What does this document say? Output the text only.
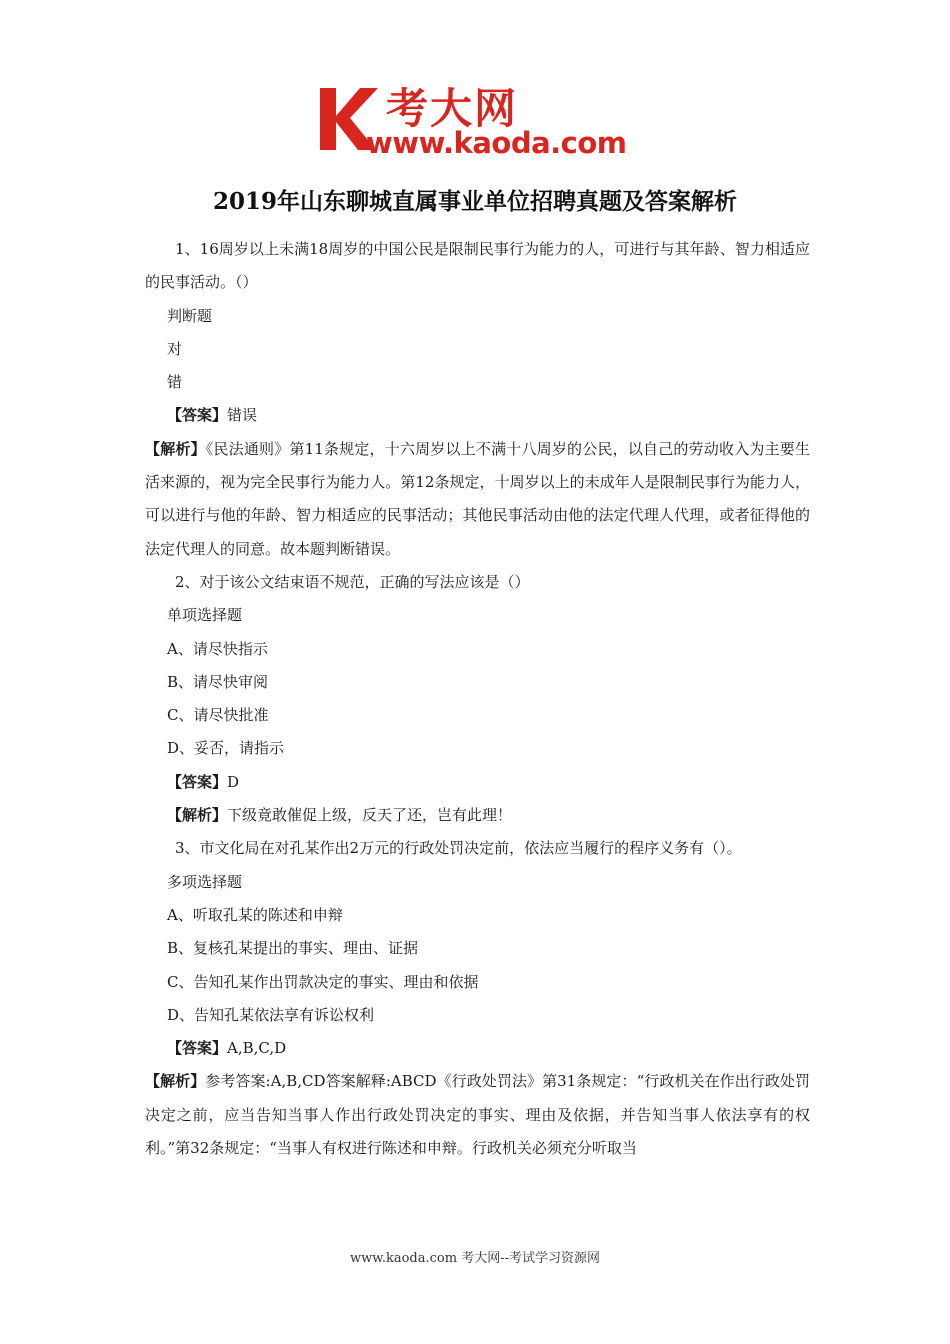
考大网
www.kaoda.com
2019年山东聊城直属事业单位招聘真题及答案解析

1、16周岁以上未满18周岁的中国公民是限制民事行为能力的人，可进行与其年龄、智力相适应的民事活动。（）

判断题

对

错

【答案】错误

【解析】《民法通则》第11条规定，十六周岁以上不满十八周岁的公民，以自己的劳动收入为主要生活来源的，视为完全民事行为能力人。第12条规定，十周岁以上的未成年人是限制民事行为能力人，可以进行与他的年龄、智力相适应的民事活动；其他民事活动由他的法定代理人代理，或者征得他的法定代理人的同意。故本题判断错误。

2、对于该公文结束语不规范，正确的写法应该是（）

单项选择题

A、请尽快指示

B、请尽快审阅

C、请尽快批准

D、妥否，请指示

【答案】D

【解析】下级竟敢催促上级，反天了还，岂有此理！

3、市文化局在对孔某作出2万元的行政处罚决定前，依法应当履行的程序义务有（）。

多项选择题

A、听取孔某的陈述和申辩

B、复核孔某提出的事实、理由、证据

C、告知孔某作出罚款决定的事实、理由和依据

D、告知孔某依法享有诉讼权利

【答案】A,B,C,D

【解析】参考答案:A,B,CD答案解释:ABCD《行政处罚法》第31条规定：“行政机关在作出行政处罚决定之前，应当告知当事人作出行政处罚决定的事实、理由及依据，并告知当事人依法享有的权利。”第32条规定：“当事人有权进行陈述和申辩。行政机关必须充分听取当

www.kaoda.com 考大网--考试学习资源网
